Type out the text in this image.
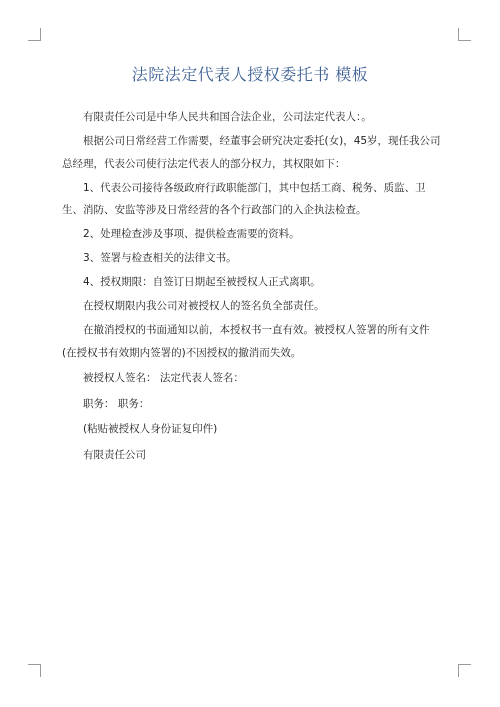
法院法定代表人授权委托书 模板

有限责任公司是中华人民共和国合法企业，公司法定代表人：。

根据公司日常经营工作需要，经董事会研究决定委托(女)，45岁，现任我公司总经理，代表公司使行法定代表人的部分权力，其权限如下：

1、代表公司接待各级政府行政职能部门，其中包括工商、税务、质监、卫生、消防、安监等涉及日常经营的各个行政部门的入企执法检查。

2、处理检查涉及事项、提供检查需要的资料。

3、签署与检查相关的法律文书。

4、授权期限：自签订日期起至被授权人正式离职。

在授权期限内我公司对被授权人的签名负全部责任。

在撤消授权的书面通知以前，本授权书一直有效。被授权人签署的所有文件(在授权书有效期内签署的)不因授权的撤消而失效。

被授权人签名： 法定代表人签名：

职务： 职务：

(粘贴被授权人身份证复印件)

有限责任公司
